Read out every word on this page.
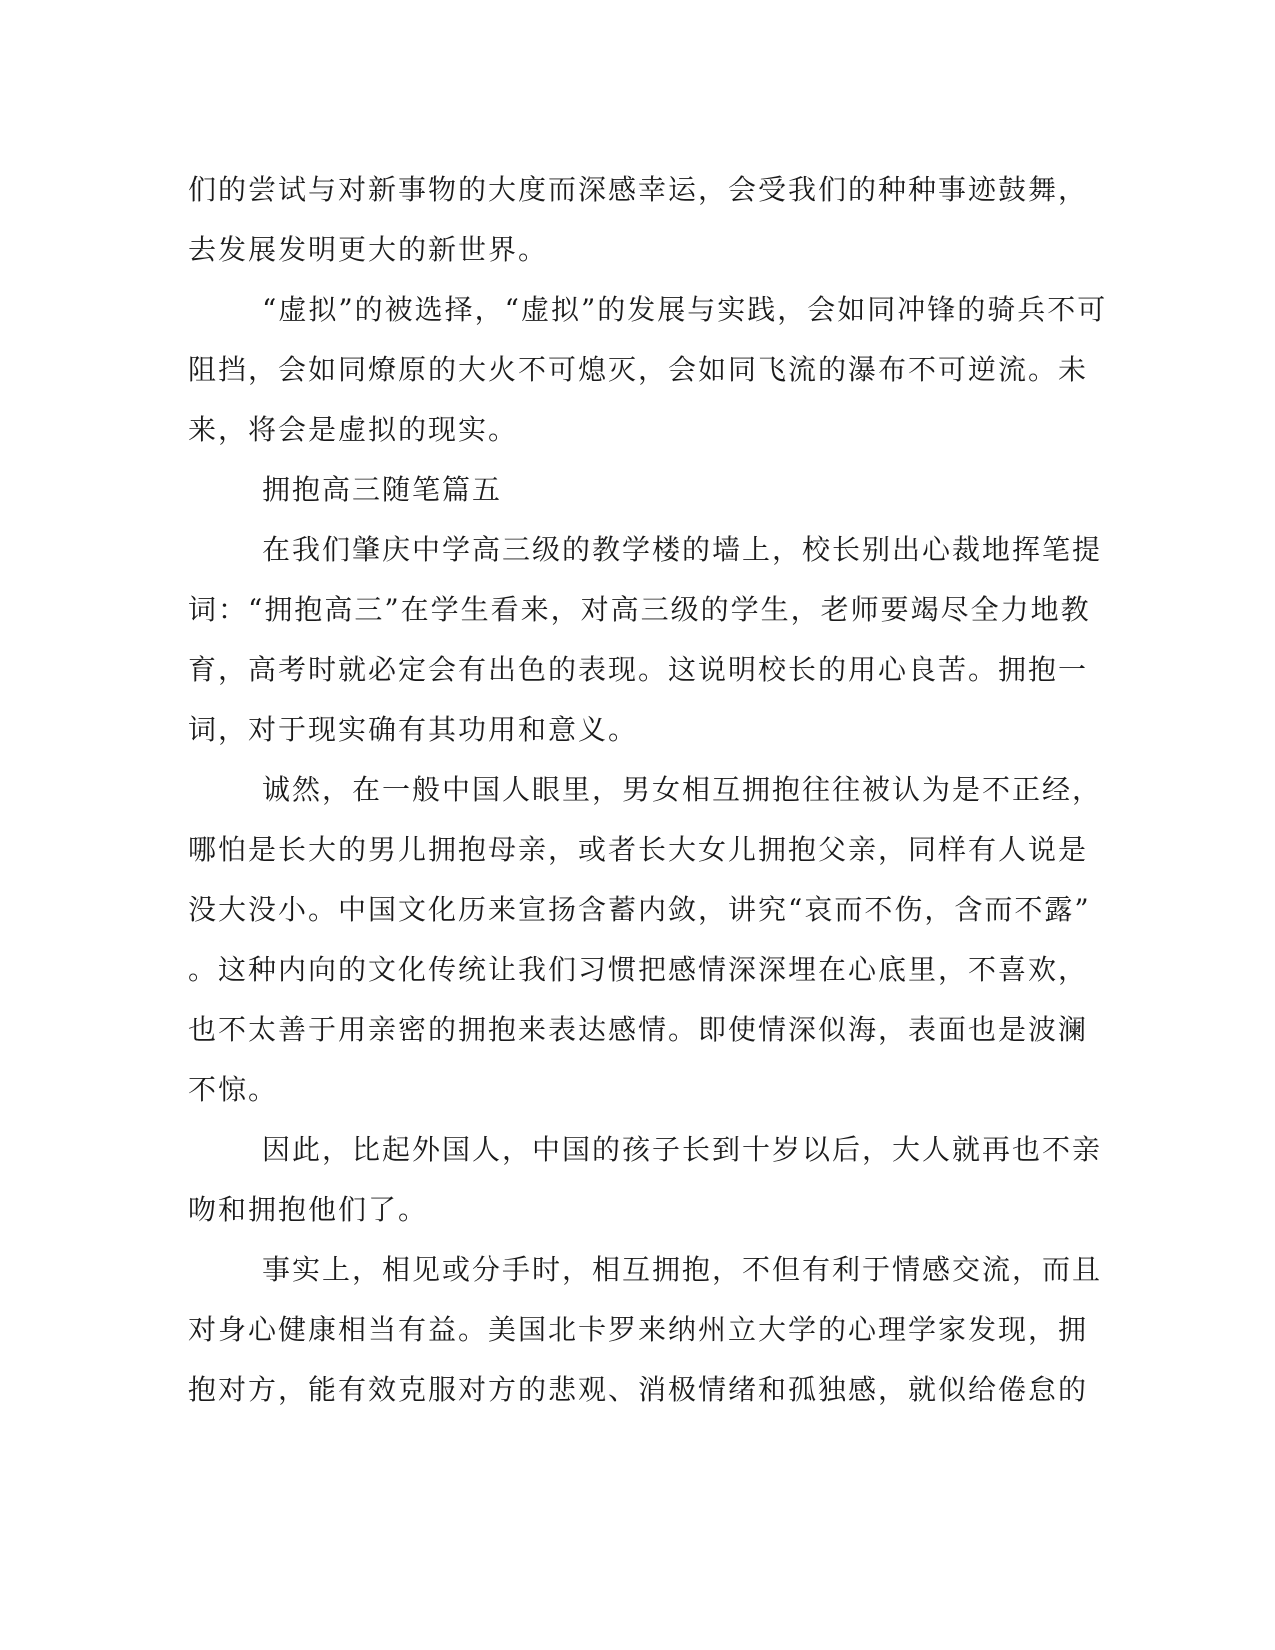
们的尝试与对新事物的大度而深感幸运，会受我们的种种事迹鼓舞，
去发展发明更大的新世界。
“虚拟”的被选择，“虚拟”的发展与实践，会如同冲锋的骑兵不可
阻挡，会如同燎原的大火不可熄灭，会如同飞流的瀑布不可逆流。未
来，将会是虚拟的现实。
拥抱高三随笔篇五
在我们肇庆中学高三级的教学楼的墙上，校长别出心裁地挥笔提
词：“拥抱高三”在学生看来，对高三级的学生，老师要竭尽全力地教
育，高考时就必定会有出色的表现。这说明校长的用心良苦。拥抱一
词，对于现实确有其功用和意义。
诚然，在一般中国人眼里，男女相互拥抱往往被认为是不正经，
哪怕是长大的男儿拥抱母亲，或者长大女儿拥抱父亲，同样有人说是
没大没小。中国文化历来宣扬含蓄内敛，讲究“哀而不伤，含而不露”
。这种内向的文化传统让我们习惯把感情深深埋在心底里，不喜欢，
也不太善于用亲密的拥抱来表达感情。即使情深似海，表面也是波澜
不惊。
因此，比起外国人，中国的孩子长到十岁以后，大人就再也不亲
吻和拥抱他们了。
事实上，相见或分手时，相互拥抱，不但有利于情感交流，而且
对身心健康相当有益。美国北卡罗来纳州立大学的心理学家发现，拥
抱对方，能有效克服对方的悲观、消极情绪和孤独感，就似给倦怠的
